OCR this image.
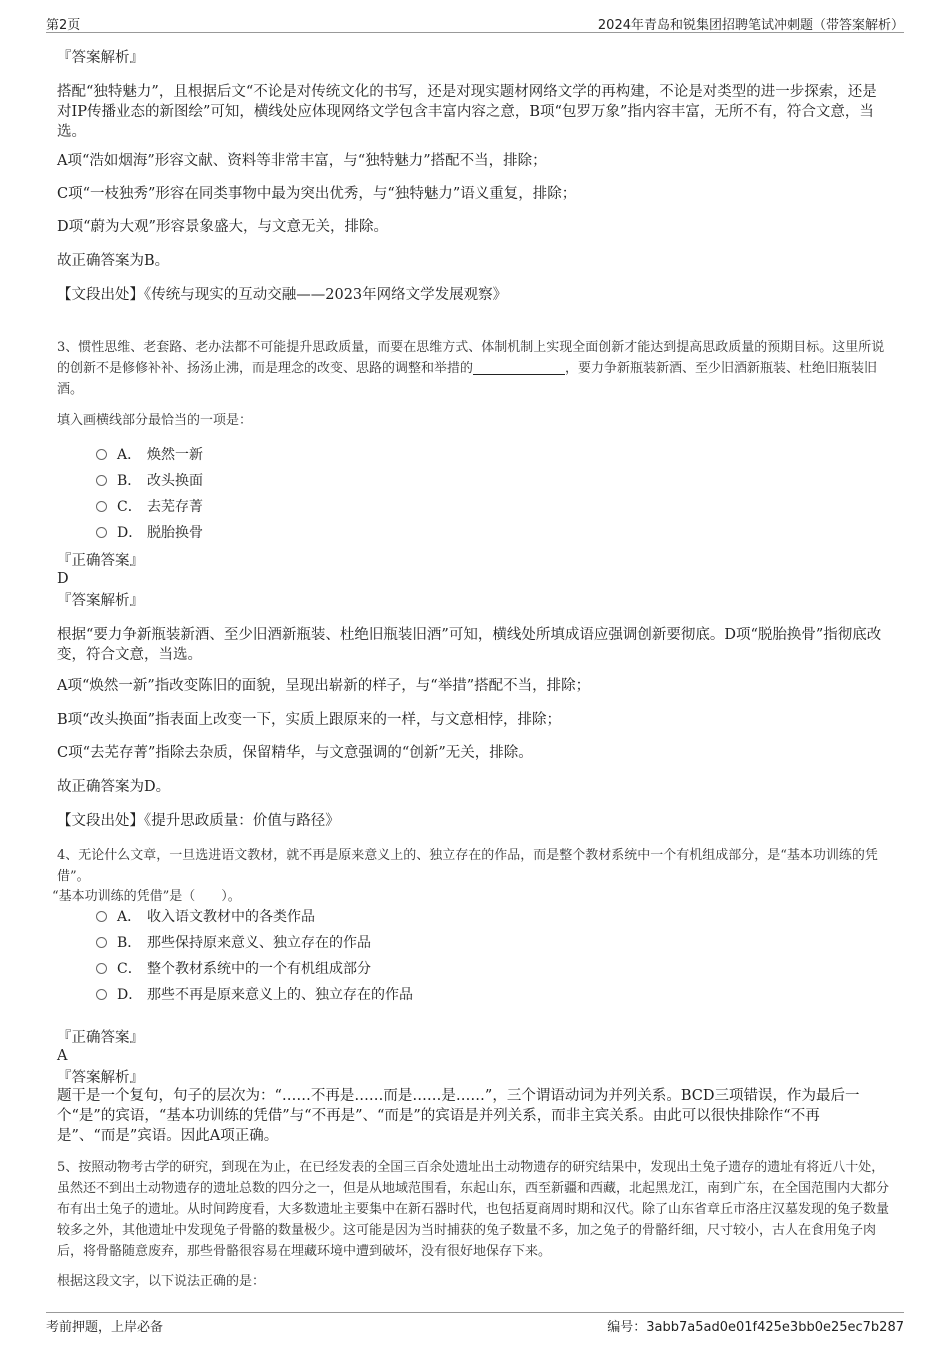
第2页	2024年青岛和锐集团招聘笔试冲刺题（带答案解析）
『答案解析』
搭配“独特魅力”，且根据后文“不论是对传统文化的书写，还是对现实题材网络文学的再构建，不论是对类型的进一步探索，还是对IP传播业态的新图绘”可知，横线处应体现网络文学包含丰富内容之意，B项“包罗万象”指内容丰富，无所不有，符合文意，当选。
A项“浩如烟海”形容文献、资料等非常丰富，与“独特魅力”搭配不当，排除；
C项“一枝独秀”形容在同类事物中最为突出优秀，与“独特魅力”语义重复，排除；
D项“蔚为大观”形容景象盛大，与文意无关，排除。
故正确答案为B。
【文段出处】《传统与现实的互动交融——2023年网络文学发展观察》
3、惯性思维、老套路、老办法都不可能提升思政质量，而要在思维方式、体制机制上实现全面创新才能达到提高思政质量的预期目标。这里所说的创新不是修修补补、扬汤止沸，而是理念的改变、思路的调整和举措的	，要力争新瓶装新酒、至少旧酒新瓶装、杜绝旧瓶装旧酒。
填入画横线部分最恰当的一项是：
A． 焕然一新
B． 改头换面
C． 去芜存菁
D． 脱胎换骨
『正确答案』
D
『答案解析』
根据“要力争新瓶装新酒、至少旧酒新瓶装、杜绝旧瓶装旧酒”可知，横线处所填成语应强调创新要彻底。D项“脱胎换骨”指彻底改变，符合文意，当选。
A项“焕然一新”指改变陈旧的面貌，呈现出崭新的样子，与“举措”搭配不当，排除；
B项“改头换面”指表面上改变一下，实质上跟原来的一样，与文意相悖，排除；
C项“去芜存菁”指除去杂质，保留精华，与文意强调的“创新”无关，排除。
故正确答案为D。
【文段出处】《提升思政质量：价值与路径》
4、无论什么文章，一旦选进语文教材，就不再是原来意义上的、独立存在的作品，而是整个教材系统中一个有机组成部分，是“基本功训练的凭借”。
“基本功训练的凭借”是（　　）。
A． 收入语文教材中的各类作品
B． 那些保持原来意义、独立存在的作品
C． 整个教材系统中的一个有机组成部分
D． 那些不再是原来意义上的、独立存在的作品
『正确答案』
A
『答案解析』
题干是一个复句，句子的层次为：“……不再是……而是……是……”，三个谓语动词为并列关系。BCD三项错误，作为最后一个“是”的宾语，“基本功训练的凭借”与“不再是”、“而是”的宾语是并列关系，而非主宾关系。由此可以很快排除作“不再是”、“而是”宾语。因此A项正确。
5、按照动物考古学的研究，到现在为止，在已经发表的全国三百余处遗址出土动物遗存的研究结果中，发现出土兔子遗存的遗址有将近八十处，虽然还不到出土动物遗存的遗址总数的四分之一，但是从地域范围看，东起山东，西至新疆和西藏，北起黑龙江，南到广东，在全国范围内大都分布有出土兔子的遗址。从时间跨度看，大多数遗址主要集中在新石器时代，也包括夏商周时期和汉代。除了山东省章丘市洛庄汉墓发现的兔子数量较多之外，其他遗址中发现兔子骨骼的数量极少。这可能是因为当时捕获的兔子数量不多，加之兔子的骨骼纤细，尺寸较小，古人在食用兔子肉后，将骨骼随意废弃，那些骨骼很容易在埋藏环境中遭到破坏，没有很好地保存下来。
根据这段文字，以下说法正确的是：
考前押题，上岸必备	编号：3abb7a5ad0e01f425e3bb0e25ec7b287
